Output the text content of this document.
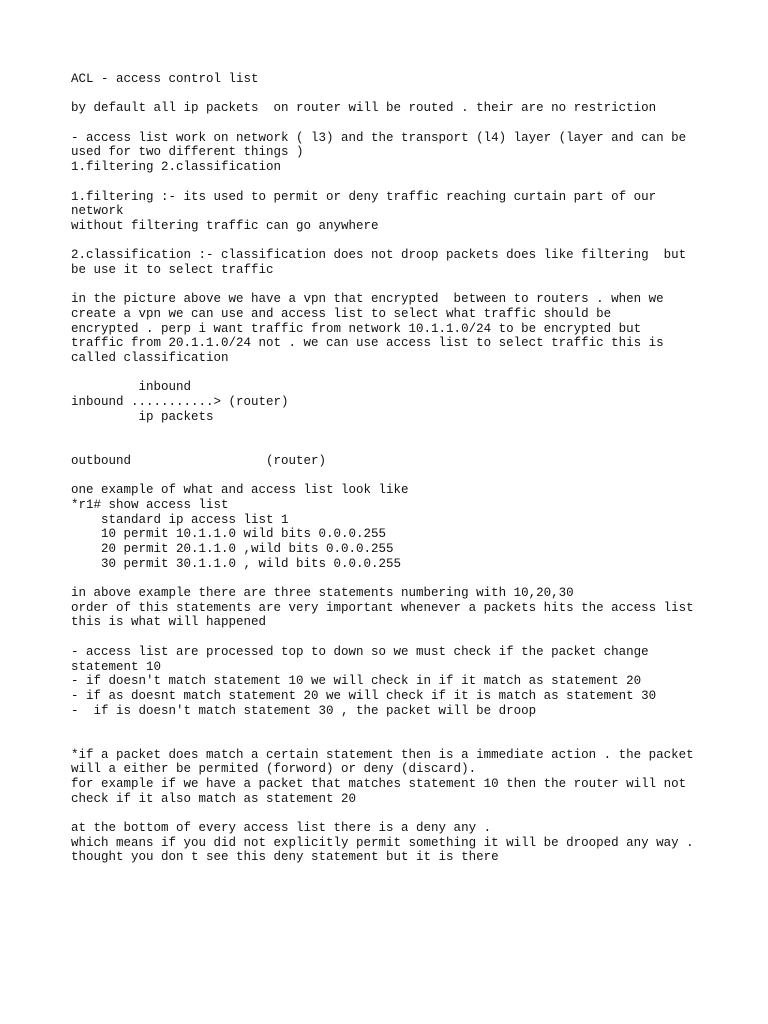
ACL - access control list

by default all ip packets  on router will be routed . their are no restriction

- access list work on network ( l3) and the transport (l4) layer (layer and can be

used for two different things )

1.filtering 2.classification

1.filtering :- its used to permit or deny traffic reaching curtain part of our

network

without filtering traffic can go anywhere

2.classification :- classification does not droop packets does like filtering  but

be use it to select traffic

in the picture above we have a vpn that encrypted  between to routers . when we

create a vpn we can use and access list to select what traffic should be

encrypted . perp i want traffic from network 10.1.1.0/24 to be encrypted but

traffic from 20.1.1.0/24 not . we can use access list to select traffic this is

called classification

inbound

inbound ...........> (router)

ip packets

outbound                  (router)

one example of what and access list look like

*r1# show access list

standard ip access list 1

10 permit 10.1.1.0 wild bits 0.0.0.255

20 permit 20.1.1.0 ,wild bits 0.0.0.255

30 permit 30.1.1.0 , wild bits 0.0.0.255

in above example there are three statements numbering with 10,20,30

order of this statements are very important whenever a packets hits the access list

this is what will happened

- access list are processed top to down so we must check if the packet change

statement 10

- if doesn't match statement 10 we will check in if it match as statement 20

- if as doesnt match statement 20 we will check if it is match as statement 30

-  if is doesn't match statement 30 , the packet will be droop

*if a packet does match a certain statement then is a immediate action . the packet

will a either be permited (forword) or deny (discard).

for example if we have a packet that matches statement 10 then the router will not

check if it also match as statement 20

at the bottom of every access list there is a deny any .

which means if you did not explicitly permit something it will be drooped any way .

thought you don t see this deny statement but it is there
